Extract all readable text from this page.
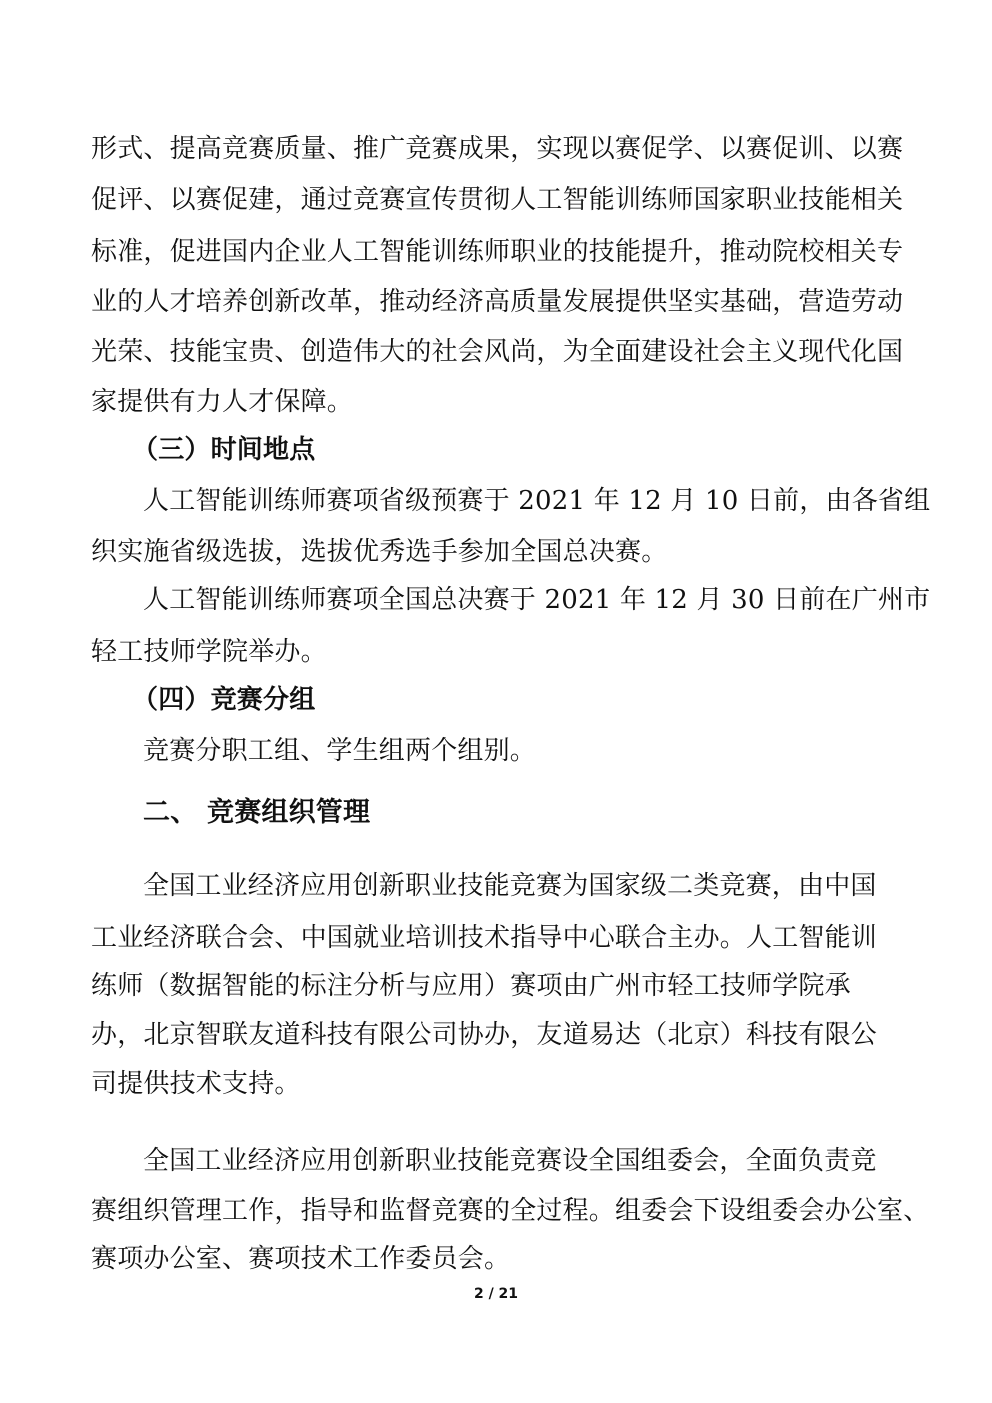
形式、提高竞赛质量、推广竞赛成果，实现以赛促学、以赛促训、以赛
促评、以赛促建，通过竞赛宣传贯彻人工智能训练师国家职业技能相关
标准，促进国内企业人工智能训练师职业的技能提升，推动院校相关专
业的人才培养创新改革，推动经济高质量发展提供坚实基础，营造劳动
光荣、技能宝贵、创造伟大的社会风尚，为全面建设社会主义现代化国
家提供有力人才保障。
（三）时间地点
人工智能训练师赛项省级预赛于 2021 年 12 月 10 日前，由各省组
织实施省级选拔，选拔优秀选手参加全国总决赛。
人工智能训练师赛项全国总决赛于 2021 年 12 月 30 日前在广州市
轻工技师学院举办。
（四）竞赛分组
竞赛分职工组、学生组两个组别。
二、 竞赛组织管理
全国工业经济应用创新职业技能竞赛为国家级二类竞赛，由中国
工业经济联合会、中国就业培训技术指导中心联合主办。人工智能训
练师（数据智能的标注分析与应用）赛项由广州市轻工技师学院承
办，北京智联友道科技有限公司协办，友道易达（北京）科技有限公
司提供技术支持。
全国工业经济应用创新职业技能竞赛设全国组委会，全面负责竞
赛组织管理工作，指导和监督竞赛的全过程。组委会下设组委会办公室、
赛项办公室、赛项技术工作委员会。
2 / 21
